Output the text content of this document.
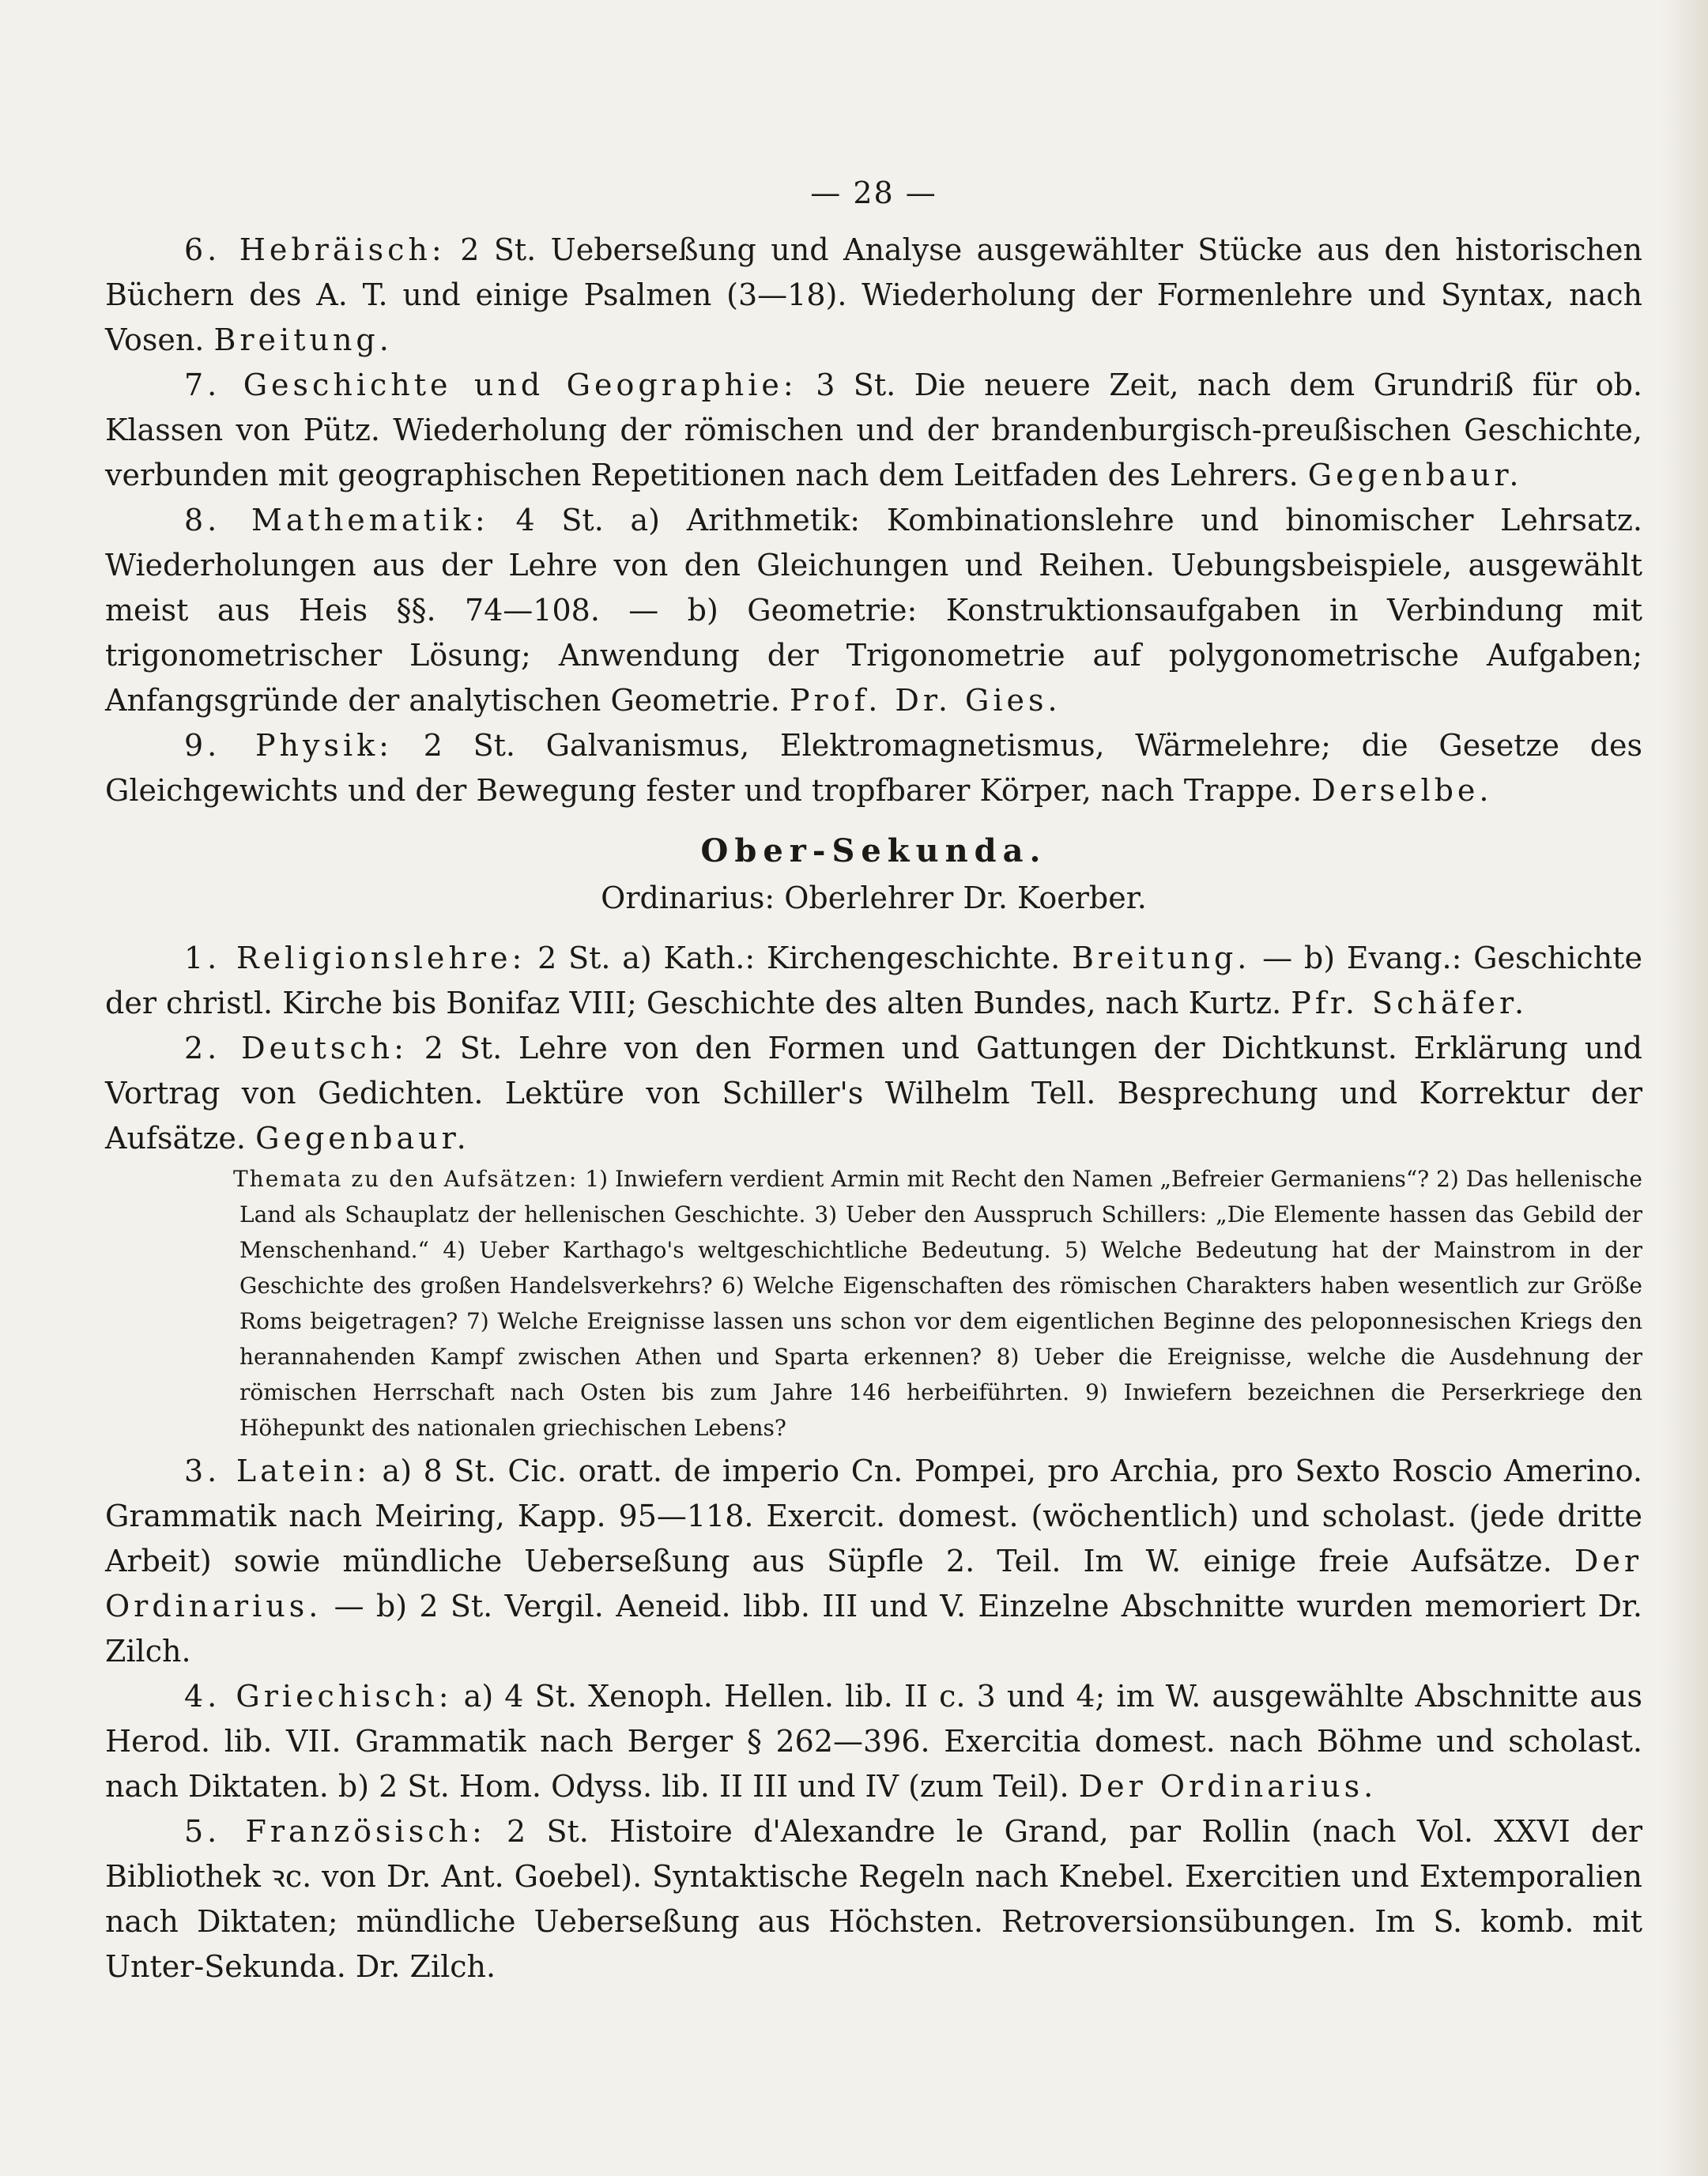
— 28 —

6. Hebräisch: 2 St. Ueberseßung und Analyse ausgewählter Stücke aus den historischen Büchern des A. T. und einige Psalmen (3—18). Wiederholung der Formenlehre und Syntax, nach Vosen. Breitung.

7. Geschichte und Geographie: 3 St. Die neuere Zeit, nach dem Grundriß für ob. Klassen von Pütz. Wiederholung der römischen und der brandenburgisch-preußischen Geschichte, verbunden mit geographischen Repetitionen nach dem Leitfaden des Lehrers. Gegenbaur.

8. Mathematik: 4 St. a) Arithmetik: Kombinationslehre und binomischer Lehrsatz. Wiederholungen aus der Lehre von den Gleichungen und Reihen. Uebungsbeispiele, ausgewählt meist aus Heis §§. 74—108. — b) Geometrie: Konstruktionsaufgaben in Verbindung mit trigonometrischer Lösung; Anwendung der Trigonometrie auf polygonometrische Aufgaben; Anfangsgründe der analytischen Geometrie. Prof. Dr. Gies.

9. Physik: 2 St. Galvanismus, Elektromagnetismus, Wärmelehre; die Gesetze des Gleichgewichts und der Bewegung fester und tropfbarer Körper, nach Trappe. Derselbe.

Ober-Sekunda.
Ordinarius: Oberlehrer Dr. Koerber.

1. Religionslehre: 2 St. a) Kath.: Kirchengeschichte. Breitung. — b) Evang.: Geschichte der christl. Kirche bis Bonifaz VIII; Geschichte des alten Bundes, nach Kurtz. Pfr. Schäfer.

2. Deutsch: 2 St. Lehre von den Formen und Gattungen der Dichtkunst. Erklärung und Vortrag von Gedichten. Lektüre von Schiller's Wilhelm Tell. Besprechung und Korrektur der Aufsätze. Gegenbaur.

Themata zu den Aufsätzen: 1) Inwiefern verdient Armin mit Recht den Namen „Befreier Germaniens“? 2) Das hellenische Land als Schauplatz der hellenischen Geschichte. 3) Ueber den Ausspruch Schillers: „Die Elemente hassen das Gebild der Menschenhand.“ 4) Ueber Karthago's weltgeschichtliche Bedeutung. 5) Welche Bedeutung hat der Mainstrom in der Geschichte des großen Handelsverkehrs? 6) Welche Eigenschaften des römischen Charakters haben wesentlich zur Größe Roms beigetragen? 7) Welche Ereignisse lassen uns schon vor dem eigentlichen Beginne des peloponnesischen Kriegs den herannahenden Kampf zwischen Athen und Sparta erkennen? 8) Ueber die Ereignisse, welche die Ausdehnung der römischen Herrschaft nach Osten bis zum Jahre 146 herbeiführten. 9) Inwiefern bezeichnen die Perserkriege den Höhepunkt des nationalen griechischen Lebens?

3. Latein: a) 8 St. Cic. oratt. de imperio Cn. Pompei, pro Archia, pro Sexto Roscio Amerino. Grammatik nach Meiring, Kapp. 95—118. Exercit. domest. (wöchentlich) und scholast. (jede dritte Arbeit) sowie mündliche Ueberseßung aus Süpfle 2. Teil. Im W. einige freie Aufsätze. Der Ordinarius. — b) 2 St. Vergil. Aeneid. libb. III und V. Einzelne Abschnitte wurden memoriert Dr. Zilch.

4. Griechisch: a) 4 St. Xenoph. Hellen. lib. II c. 3 und 4; im W. ausgewählte Abschnitte aus Herod. lib. VII. Grammatik nach Berger § 262—396. Exercitia domest. nach Böhme und scholast. nach Diktaten. b) 2 St. Hom. Odyss. lib. II III und IV (zum Teil). Der Ordinarius.

5. Französisch: 2 St. Histoire d'Alexandre le Grand, par Rollin (nach Vol. XXVI der Bibliothek ꝛc. von Dr. Ant. Goebel). Syntaktische Regeln nach Knebel. Exercitien und Extemporalien nach Diktaten; mündliche Ueberseßung aus Höchsten. Retroversionsübungen. Im S. komb. mit Unter-Sekunda. Dr. Zilch.
